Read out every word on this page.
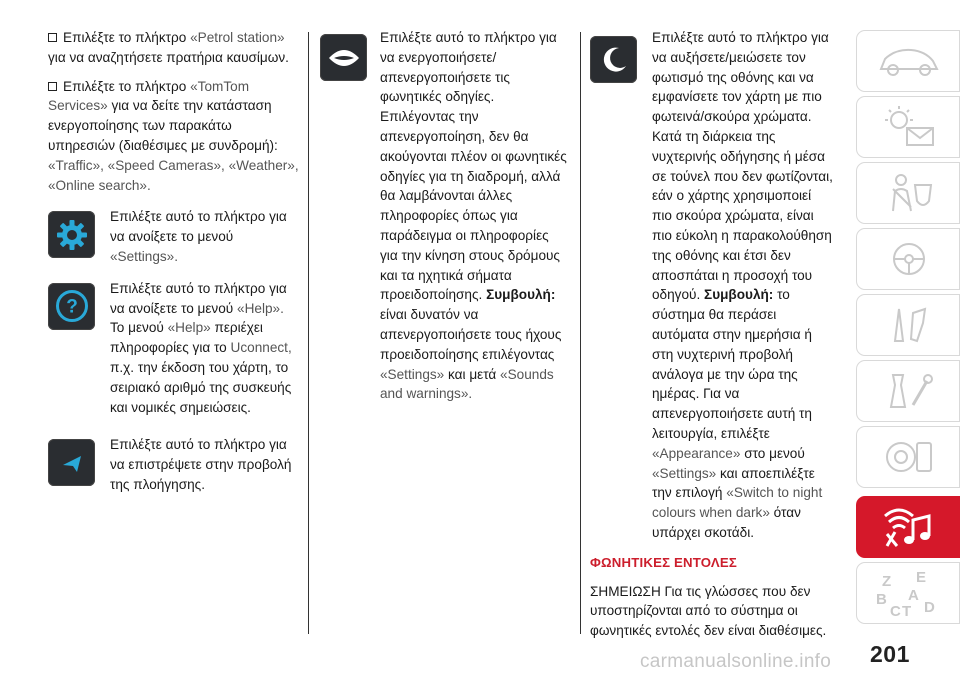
Επιλέξτε το πλήκτρο «Petrol station» για να αναζητήσετε πρατήρια καυσίμων.

Επιλέξτε το πλήκτρο «TomTom Services» για να δείτε την κατάσταση ενεργοποίησης των παρακάτω υπηρεσιών (διαθέσιμες με συνδρομή): «Traffic», «Speed Cameras», «Weather», «Online search».

Επιλέξτε αυτό το πλήκτρο για να ανοίξετε το μενού «Settings».

?

Επιλέξτε αυτό το πλήκτρο για να ανοίξετε το μενού «Help». Το μενού «Help» περιέχει πληροφορίες για το Uconnect, π.χ. την έκδοση του χάρτη, το σειριακό αριθμό της συσκευής και νομικές σημειώσεις.

Επιλέξτε αυτό το πλήκτρο για να επιστρέψετε στην προβολή της πλοήγησης.

Επιλέξτε αυτό το πλήκτρο για να ενεργοποιήσετε/ απενεργοποιήσετε τις φωνητικές οδηγίες. Επιλέγοντας την απενεργοποίηση, δεν θα ακούγονται πλέον οι φωνητικές οδηγίες για τη διαδρομή, αλλά θα λαμβάνονται άλλες πληροφορίες όπως για παράδειγμα οι πληροφορίες για την κίνηση στους δρόμους και τα ηχητικά σήματα προειδοποίησης. Συμβουλή: είναι δυνατόν να απενεργοποιήσετε τους ήχους προειδοποίησης επιλέγοντας «Settings» και μετά «Sounds and warnings».

Επιλέξτε αυτό το πλήκτρο για να αυξήσετε/μειώσετε τον φωτισμό της οθόνης και να εμφανίσετε τον χάρτη με πιο φωτεινά/σκούρα χρώματα. Κατά τη διάρκεια της νυχτερινής οδήγησης ή μέσα σε τούνελ που δεν φωτίζονται, εάν ο χάρτης χρησιμοποιεί πιο σκούρα χρώματα, είναι πιο εύκολη η παρακολούθηση της οθόνης και έτσι δεν αποσπάται η προσοχή του οδηγού. Συμβουλή: το σύστημα θα περάσει αυτόματα στην ημερήσια ή στη νυχτερινή προβολή ανάλογα με την ώρα της ημέρας. Για να απενεργοποιήσετε αυτή τη λειτουργία, επιλέξτε «Appearance» στο μενού «Settings» και αποεπιλέξτε την επιλογή «Switch to night colours when dark» όταν υπάρχει σκοτάδι.

ΦΩΝΗΤΙΚΕΣ ΕΝΤΟΛΕΣ

ΣΗΜΕΙΩΣΗ Για τις γλώσσες που δεν υποστηρίζονται από το σύστημα οι φωνητικές εντολές δεν είναι διαθέσιμες.

Z E
B A
C T D
carmanualsonline.info 201
